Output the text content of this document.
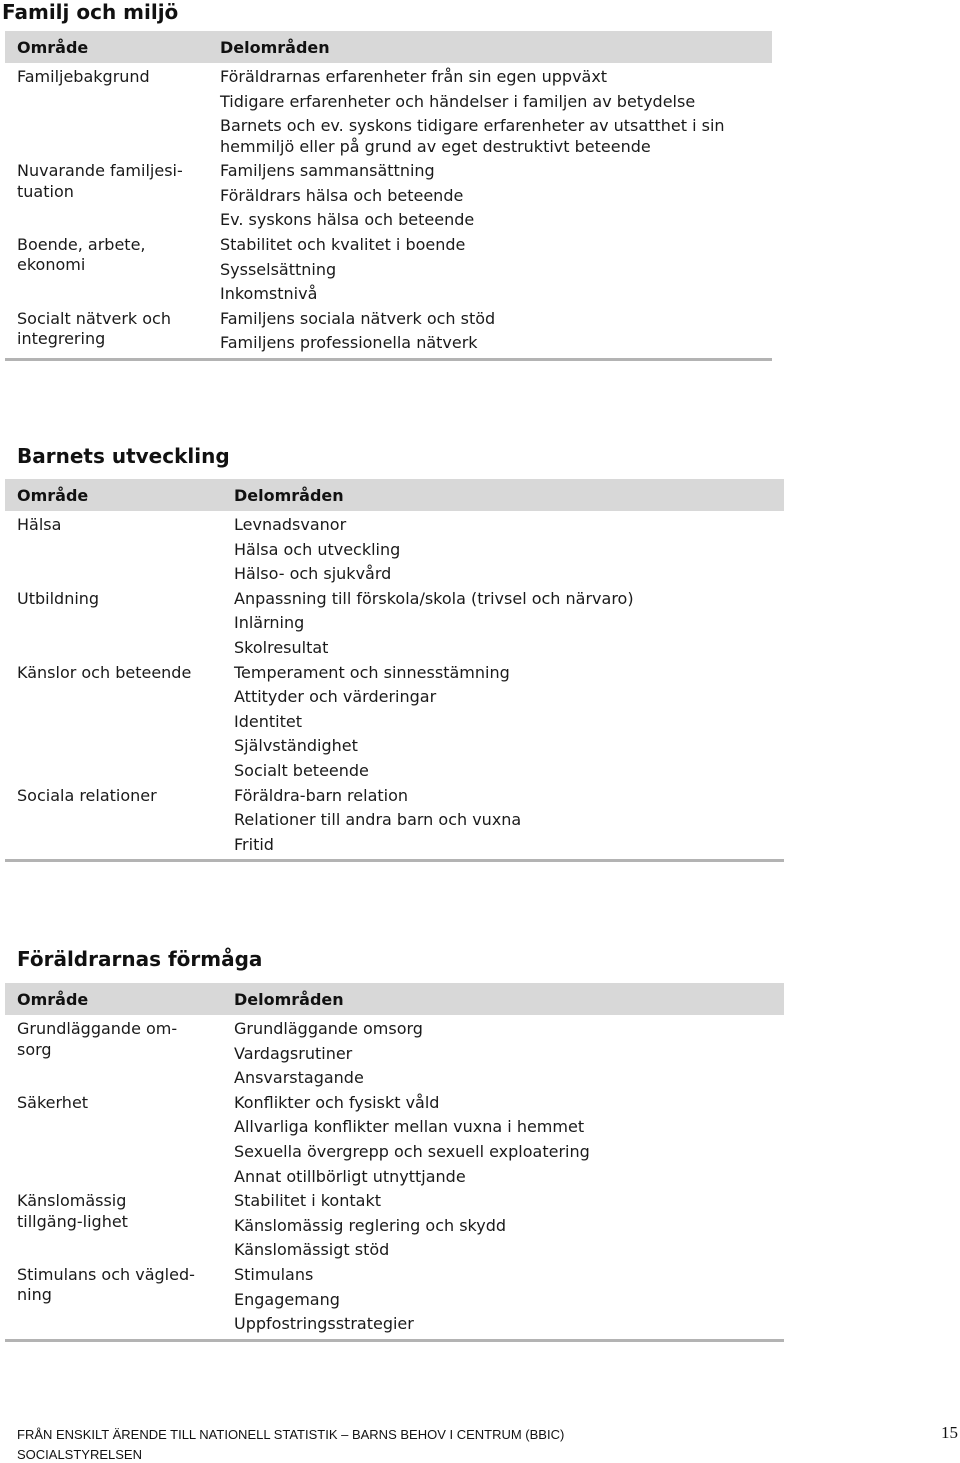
Familj och miljö
Område	Delområden

Familjebakgrund	Föräldrarnas erfarenheter från sin egen uppväxt
Tidigare erfarenheter och händelser i familjen av betydelse
Barnets och ev. syskons tidigare erfarenheter av utsatthet i sin hemmiljö eller på grund av eget destruktivt beteende

Nuvarande familjesi-tuation	Familjens sammansättning
Föräldrars hälsa och beteende
Ev. syskons hälsa och beteende

Boende, arbete, ekonomi	Stabilitet och kvalitet i boende
Sysselsättning
Inkomstnivå

Socialt nätverk och integrering	Familjens sociala nätverk och stöd
Familjens professionella nätverk
Barnets utveckling
Område	Delområden

Hälsa	Levnadsvanor
Hälsa och utveckling
Hälso- och sjukvård

Utbildning	Anpassning till förskola/skola (trivsel och närvaro)
Inlärning
Skolresultat

Känslor och beteende	Temperament och sinnesstämning
Attityder och värderingar
Identitet
Självständighet
Socialt beteende

Sociala relationer	Föräldra-barn relation
Relationer till andra barn och vuxna
Fritid
Föräldrarnas förmåga
Område	Delområden

Grundläggande om-sorg	Grundläggande omsorg
Vardagsrutiner
Ansvarstagande

Säkerhet	Konflikter och fysiskt våld
Allvarliga konflikter mellan vuxna i hemmet
Sexuella övergrepp och sexuell exploatering
Annat otillbörligt utnyttjande

Känslomässig tillgäng-lighet	Stabilitet i kontakt
Känslomässig reglering och skydd
Känslomässigt stöd

Stimulans och vägled-ning	Stimulans
Engagemang
Uppfostringsstrategier
FRÅN ENSKILT ÄRENDE TILL NATIONELL STATISTIK – BARNS BEHOV I CENTRUM (BBIC)
SOCIALSTYRELSEN
15
